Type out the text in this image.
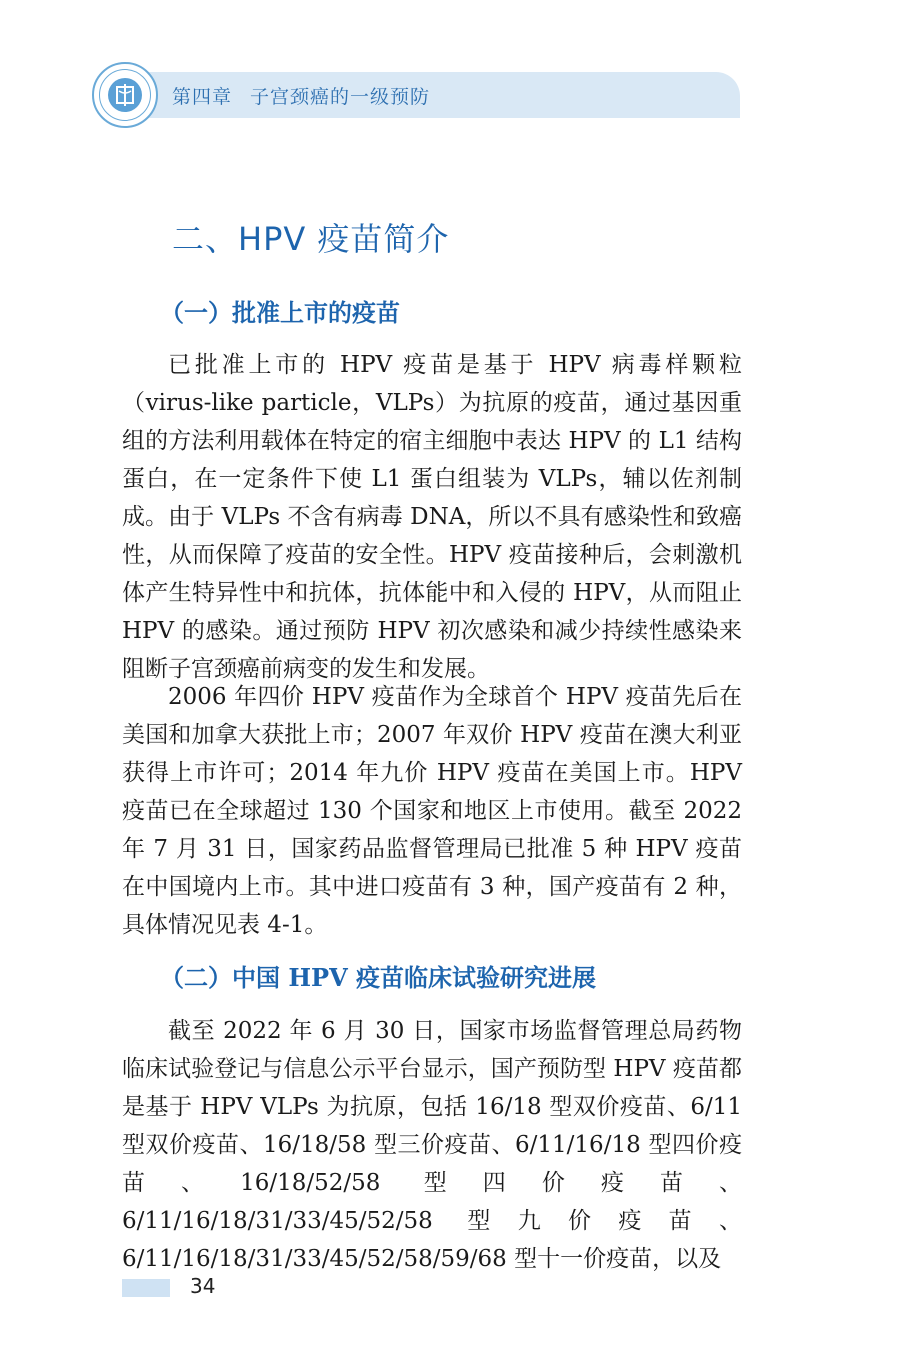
第四章 子宫颈癌的一级预防
二、HPV 疫苗简介
（一）批准上市的疫苗

已批准上市的 HPV 疫苗是基于 HPV 病毒样颗粒（virus-like particle，VLPs）为抗原的疫苗，通过基因重组的方法利用载体在特定的宿主细胞中表达 HPV 的 L1 结构蛋白，在一定条件下使 L1 蛋白组装为 VLPs，辅以佐剂制成。由于 VLPs 不含有病毒 DNA，所以不具有感染性和致癌性，从而保障了疫苗的安全性。HPV 疫苗接种后，会刺激机体产生特异性中和抗体，抗体能中和入侵的 HPV，从而阻止 HPV 的感染。通过预防 HPV 初次感染和减少持续性感染来阻断子宫颈癌前病变的发生和发展。

2006 年四价 HPV 疫苗作为全球首个 HPV 疫苗先后在美国和加拿大获批上市；2007 年双价 HPV 疫苗在澳大利亚获得上市许可；2014 年九价 HPV 疫苗在美国上市。HPV 疫苗已在全球超过 130 个国家和地区上市使用。截至 2022 年 7 月 31 日，国家药品监督管理局已批准 5 种 HPV 疫苗在中国境内上市。其中进口疫苗有 3 种，国产疫苗有 2 种，具体情况见表 4-1。

（二）中国 HPV 疫苗临床试验研究进展

截至 2022 年 6 月 30 日，国家市场监督管理总局药物临床试验登记与信息公示平台显示，国产预防型 HPV 疫苗都是基于 HPV VLPs 为抗原，包括 16/18 型双价疫苗、6/11 型双价疫苗、16/18/58 型三价疫苗、6/11/16/18 型四价疫苗、16/18/52/58 型四价疫苗、6/11/16/18/31/33/45/52/58 型九价疫苗、6/11/16/18/31/33/45/52/58/59/68 型十一价疫苗，以及

34
